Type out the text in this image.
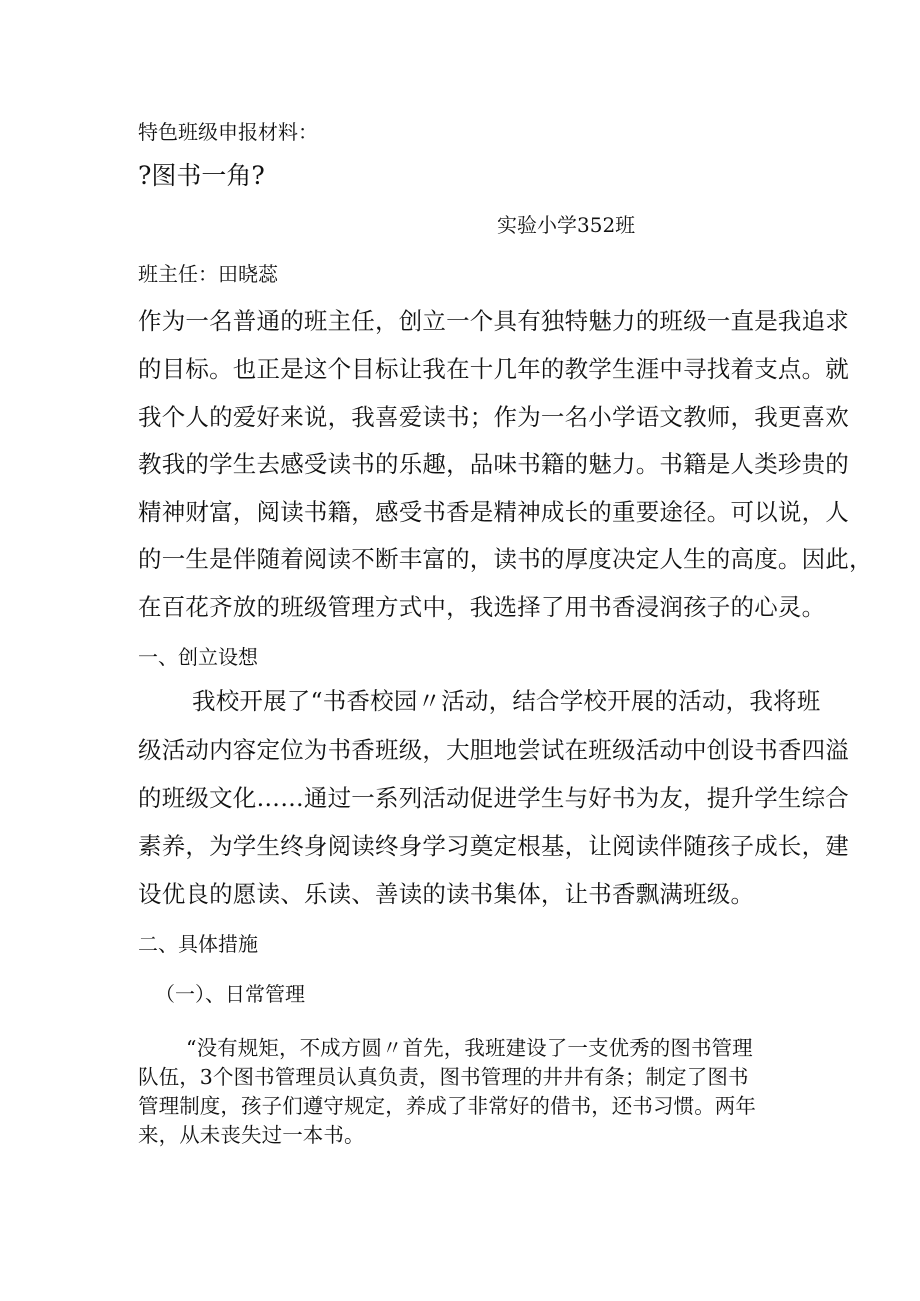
特色班级申报材料：
?图书一角?
实验小学352班
班主任：田晓蕊
作为一名普通的班主任，创立一个具有独特魅力的班级一直是我追求
的目标。也正是这个目标让我在十几年的教学生涯中寻找着支点。就
我个人的爱好来说，我喜爱读书；作为一名小学语文教师，我更喜欢
教我的学生去感受读书的乐趣，品味书籍的魅力。书籍是人类珍贵的
精神财富，阅读书籍，感受书香是精神成长的重要途径。可以说，人
的一生是伴随着阅读不断丰富的，读书的厚度决定人生的高度。因此，
在百花齐放的班级管理方式中，我选择了用书香浸润孩子的心灵。
一、创立设想
我校开展了“书香校园〃活动，结合学校开展的活动，我将班
级活动内容定位为书香班级，大胆地尝试在班级活动中创设书香四溢
的班级文化……通过一系列活动促进学生与好书为友，提升学生综合
素养，为学生终身阅读终身学习奠定根基，让阅读伴随孩子成长，建
设优良的愿读、乐读、善读的读书集体，让书香飘满班级。
二、具体措施
（一）、日常管理
“没有规矩，不成方圆〃首先，我班建设了一支优秀的图书管理
队伍，3个图书管理员认真负责，图书管理的井井有条；制定了图书
管理制度，孩子们遵守规定，养成了非常好的借书，还书习惯。两年
来，从未丧失过一本书。
